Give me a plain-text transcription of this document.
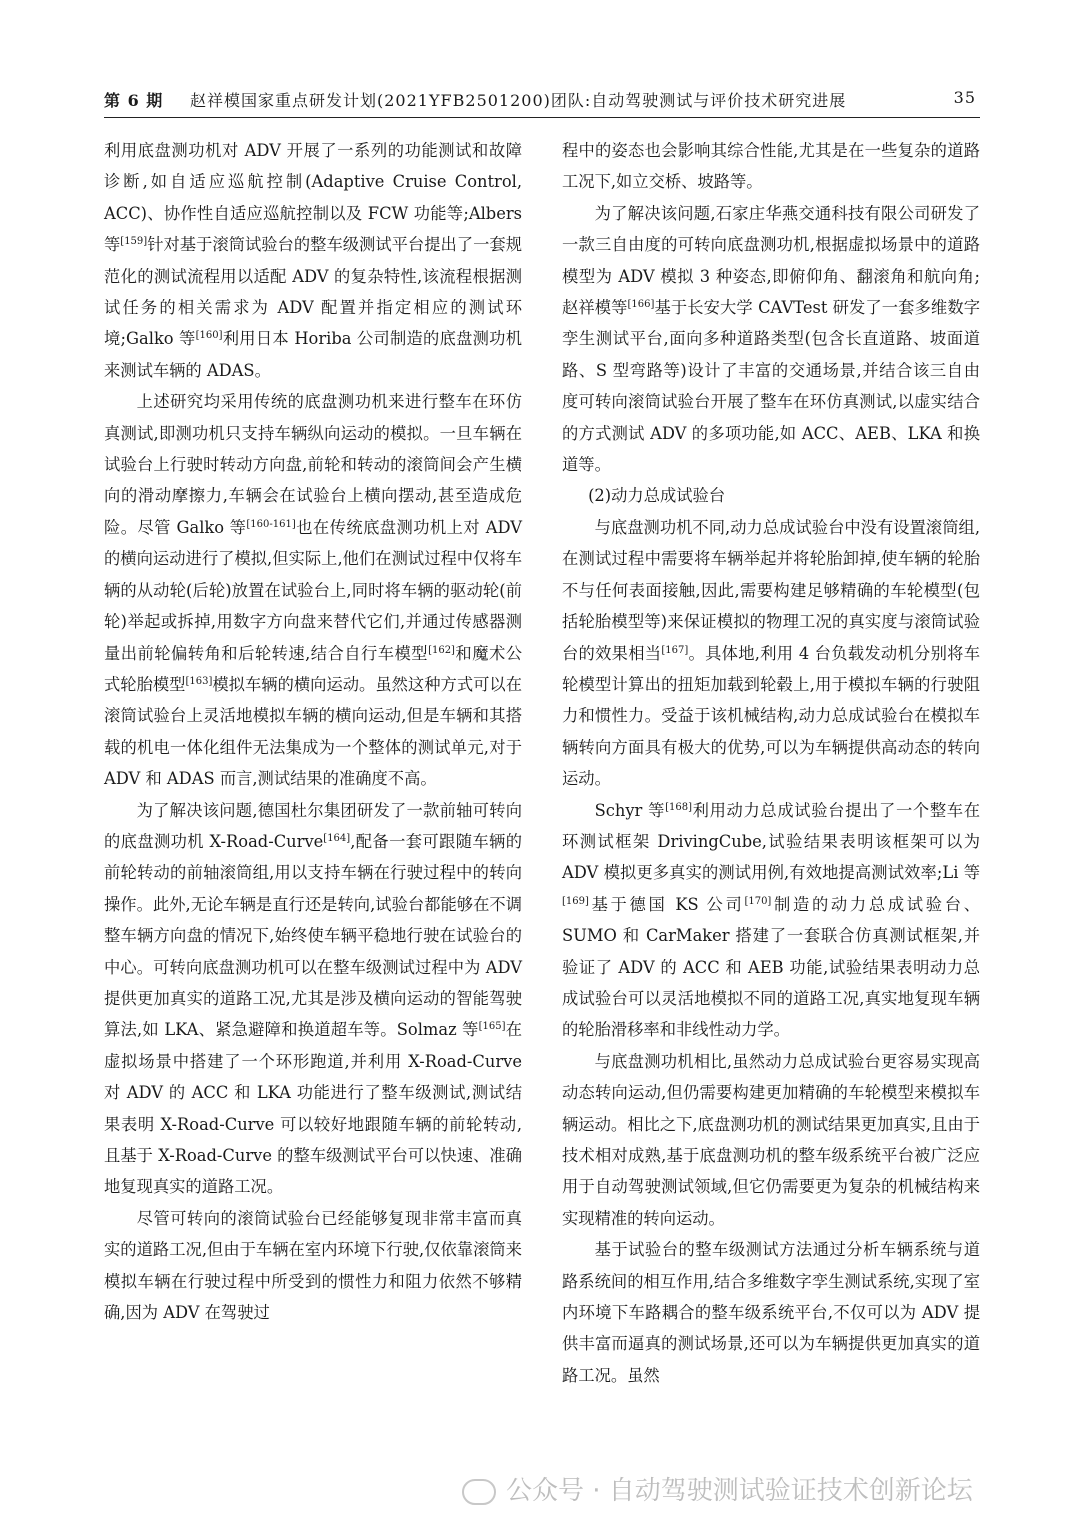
第 6 期 赵祥模国家重点研发计划(2021YFB2501200)团队:自动驾驶测试与评价技术研究进展	35

利用底盘测功机对 ADV 开展了一系列的功能测试和故障诊断,如自适应巡航控制(Adaptive Cruise Control, ACC)、协作性自适应巡航控制以及 FCW 功能等;Albers 等[159]针对基于滚筒试验台的整车级测试平台提出了一套规范化的测试流程用以适配 ADV 的复杂特性,该流程根据测试任务的相关需求为 ADV 配置并指定相应的测试环境;Galko 等[160]利用日本 Horiba 公司制造的底盘测功机来测试车辆的 ADAS。

上述研究均采用传统的底盘测功机来进行整车在环仿真测试,即测功机只支持车辆纵向运动的模拟。一旦车辆在试验台上行驶时转动方向盘,前轮和转动的滚筒间会产生横向的滑动摩擦力,车辆会在试验台上横向摆动,甚至造成危险。尽管 Galko 等[160-161]也在传统底盘测功机上对 ADV 的横向运动进行了模拟,但实际上,他们在测试过程中仅将车辆的从动轮(后轮)放置在试验台上,同时将车辆的驱动轮(前轮)举起或拆掉,用数字方向盘来替代它们,并通过传感器测量出前轮偏转角和后轮转速,结合自行车模型[162]和魔术公式轮胎模型[163]模拟车辆的横向运动。虽然这种方式可以在滚筒试验台上灵活地模拟车辆的横向运动,但是车辆和其搭载的机电一体化组件无法集成为一个整体的测试单元,对于 ADV 和 ADAS 而言,测试结果的准确度不高。

为了解决该问题,德国杜尔集团研发了一款前轴可转向的底盘测功机 X-Road-Curve[164],配备一套可跟随车辆的前轮转动的前轴滚筒组,用以支持车辆在行驶过程中的转向操作。此外,无论车辆是直行还是转向,试验台都能够在不调整车辆方向盘的情况下,始终使车辆平稳地行驶在试验台的中心。可转向底盘测功机可以在整车级测试过程中为 ADV 提供更加真实的道路工况,尤其是涉及横向运动的智能驾驶算法,如 LKA、紧急避障和换道超车等。Solmaz 等[165]在虚拟场景中搭建了一个环形跑道,并利用 X-Road-Curve 对 ADV 的 ACC 和 LKA 功能进行了整车级测试,测试结果表明 X-Road-Curve 可以较好地跟随车辆的前轮转动,且基于 X-Road-Curve 的整车级测试平台可以快速、准确地复现真实的道路工况。

尽管可转向的滚筒试验台已经能够复现非常丰富而真实的道路工况,但由于车辆在室内环境下行驶,仅依靠滚筒来模拟车辆在行驶过程中所受到的惯性力和阻力依然不够精确,因为 ADV 在驾驶过

程中的姿态也会影响其综合性能,尤其是在一些复杂的道路工况下,如立交桥、坡路等。

为了解决该问题,石家庄华燕交通科技有限公司研发了一款三自由度的可转向底盘测功机,根据虚拟场景中的道路模型为 ADV 模拟 3 种姿态,即俯仰角、翻滚角和航向角;赵祥模等[166]基于长安大学 CAVTest 研发了一套多维数字孪生测试平台,面向多种道路类型(包含长直道路、坡面道路、S 型弯路等)设计了丰富的交通场景,并结合该三自由度可转向滚筒试验台开展了整车在环仿真测试,以虚实结合的方式测试 ADV 的多项功能,如 ACC、AEB、LKA 和换道等。

(2)动力总成试验台

与底盘测功机不同,动力总成试验台中没有设置滚筒组,在测试过程中需要将车辆举起并将轮胎卸掉,使车辆的轮胎不与任何表面接触,因此,需要构建足够精确的车轮模型(包括轮胎模型等)来保证模拟的物理工况的真实度与滚筒试验台的效果相当[167]。具体地,利用 4 台负载发动机分别将车轮模型计算出的扭矩加载到轮毂上,用于模拟车辆的行驶阻力和惯性力。受益于该机械结构,动力总成试验台在模拟车辆转向方面具有极大的优势,可以为车辆提供高动态的转向运动。

Schyr 等[168]利用动力总成试验台提出了一个整车在环测试框架 DrivingCube,试验结果表明该框架可以为 ADV 模拟更多真实的测试用例,有效地提高测试效率;Li 等[169]基于德国 KS 公司[170]制造的动力总成试验台、SUMO 和 CarMaker 搭建了一套联合仿真测试框架,并验证了 ADV 的 ACC 和 AEB 功能,试验结果表明动力总成试验台可以灵活地模拟不同的道路工况,真实地复现车辆的轮胎滑移率和非线性动力学。

与底盘测功机相比,虽然动力总成试验台更容易实现高动态转向运动,但仍需要构建更加精确的车轮模型来模拟车辆运动。相比之下,底盘测功机的测试结果更加真实,且由于技术相对成熟,基于底盘测功机的整车级系统平台被广泛应用于自动驾驶测试领域,但它仍需要更为复杂的机械结构来实现精准的转向运动。

基于试验台的整车级测试方法通过分析车辆系统与道路系统间的相互作用,结合多维数字孪生测试系统,实现了室内环境下车路耦合的整车级系统平台,不仅可以为 ADV 提供丰富而逼真的测试场景,还可以为车辆提供更加真实的道路工况。虽然

公众号 · 自动驾驶测试验证技术创新论坛
